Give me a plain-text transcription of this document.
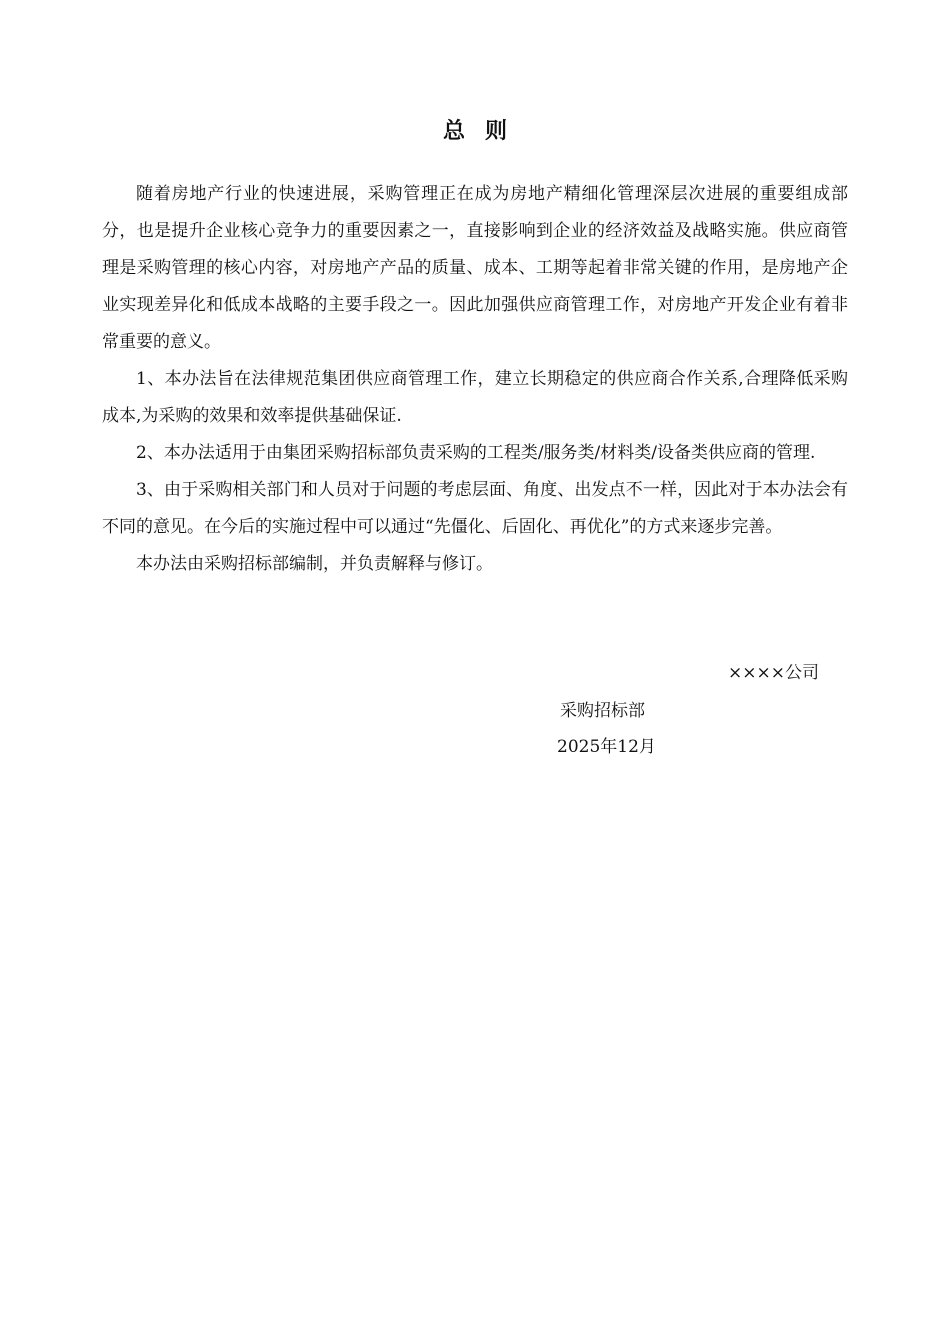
总则

随着房地产行业的快速进展，采购管理正在成为房地产精细化管理深层次进展的重要组成部分，也是提升企业核心竞争力的重要因素之一，直接影响到企业的经济效益及战略实施。供应商管理是采购管理的核心内容，对房地产产品的质量、成本、工期等起着非常关键的作用，是房地产企业实现差异化和低成本战略的主要手段之一。因此加强供应商管理工作，对房地产开发企业有着非常重要的意义。

1、本办法旨在法律规范集团供应商管理工作，建立长期稳定的供应商合作关系,合理降低采购成本,为采购的效果和效率提供基础保证.

2、本办法适用于由集团采购招标部负责采购的工程类/服务类/材料类/设备类供应商的管理.

3、由于采购相关部门和人员对于问题的考虑层面、角度、出发点不一样，因此对于本办法会有不同的意见。在今后的实施过程中可以通过“先僵化、后固化、再优化”的方式来逐步完善。

本办法由采购招标部编制，并负责解释与修订。

××××公司
采购招标部
2025年12月
